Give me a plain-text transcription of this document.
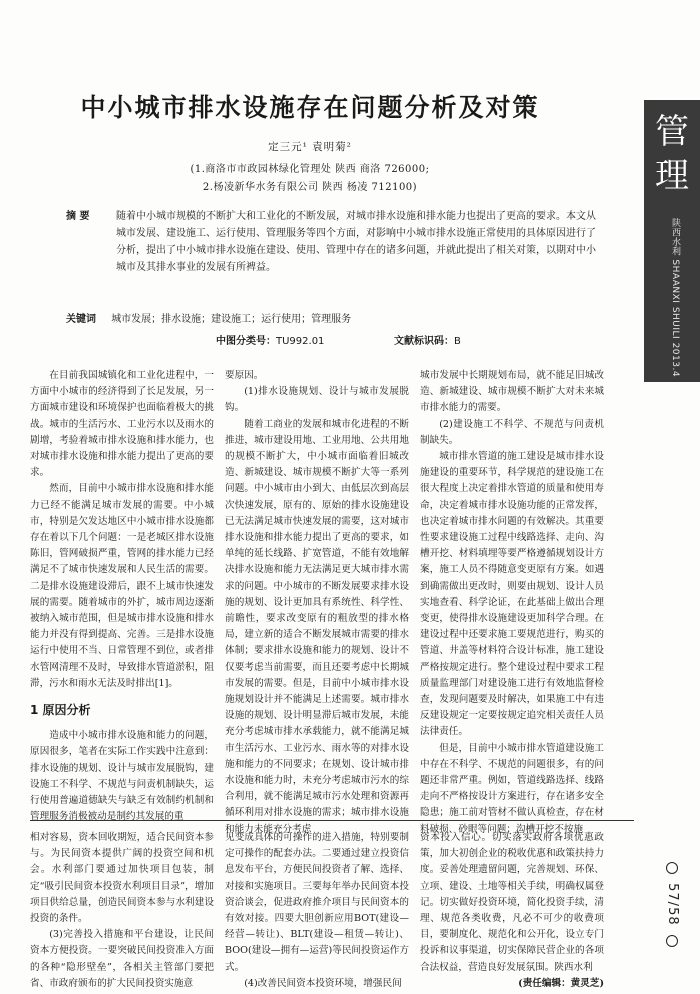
中小城市排水设施存在问题分析及对策
定三元¹ 袁明菊²
(1.商洛市市政园林绿化管理处 陕西 商洛 726000;
2.杨凌新华水务有限公司 陕西 杨凌 712100)
摘 要	随着中小城市规模的不断扩大和工业化的不断发展，对城市排水设施和排水能力也提出了更高的要求。本文从城市发展、建设施工、运行使用、管理服务等四个方面，对影响中小城市排水设施正常使用的具体原因进行了分析，提出了中小城市排水设施在建设、使用、管理中存在的诸多问题，并就此提出了相关对策，以期对中小城市及其排水事业的发展有所裨益。
关键词 城市发展；排水设施；建设施工；运行使用；管理服务
中图分类号：TU992.01	文献标识码：B

在目前我国城镇化和工业化进程中，一方面中小城市的经济得到了长足发展，另一方面城市建设和环境保护也面临着极大的挑战。城市的生活污水、工业污水以及雨水的剧增，考验着城市排水设施和排水能力，也对城市排水设施和排水能力提出了更高的要求。

然而，目前中小城市排水设施和排水能力已经不能满足城市发展的需要。中小城市，特别是欠发达地区中小城市排水设施都存在着以下几个问题：一是老城区排水设施陈旧，管网破损严重，管网的排水能力已经满足不了城市快速发展和人民生活的需要。二是排水设施建设滞后，跟不上城市快速发展的需要。随着城市的外扩，城市周边逐渐被纳入城市范围，但是城市排水设施和排水能力并没有得到提高、完善。三是排水设施运行中使用不当、日常管理不到位，或者排水管网清理不及时，导致排水管道淤积，阻滞，污水和雨水无法及时排出[1]。

1 原因分析

造成中小城市排水设施和能力的问题，原因很多，笔者在实际工作实践中注意到：排水设施的规划、设计与城市发展脱钩，建设施工不科学、不规范与问责机制缺失，运行使用普遍道德缺失与缺乏有效制约机制和管理服务消极被动是制约其发展的重

要原因。

(1)排水设施规划、设计与城市发展脱钩。

随着工商业的发展和城市化进程的不断推进，城市建设用地、工业用地、公共用地的规模不断扩大，中小城市面临着旧城改造、新城建设、城市规模不断扩大等一系列问题。中小城市由小到大、由低层次到高层次快速发展，原有的、原始的排水设施建设已无法满足城市快速发展的需要，这对城市排水设施和排水能力提出了更高的要求，如单纯的延长线路、扩宽管道，不能有效地解决排水设施和能力无法满足更大城市排水需求的问题。中小城市的不断发展要求排水设施的规划、设计更加具有系统性、科学性、前瞻性，要求改变原有的粗放型的排水格局，建立新的适合不断发展城市需要的排水体制；要求排水设施和能力的规划、设计不仅要考虑当前需要，而且还要考虑中长期城市发展的需要。但是，目前中小城市排水设施规划设计并不能满足上述需要。城市排水设施的规划、设计明显滞后城市发展，未能充分考虑城市排水承载能力，就不能满足城市生活污水、工业污水、雨水等的对排水设施和能力的不同要求；在规划、设计城市排水设施和能力时，未充分考虑城市污水的综合利用，就不能满足城市污水处理和资源再循环利用对排水设施的需求；城市排水设施和能力未能充分考虑

城市发展中长期规划布局，就不能足旧城改造、新城建设、城市规模不断扩大对未来城市排水能力的需要。

(2)建设施工不科学、不规范与问责机制缺失。

城市排水管道的施工建设是城市排水设施建设的重要环节，科学规范的建设施工在很大程度上决定着排水管道的质量和使用寿命，决定着城市排水设施功能的正常发挥，也决定着城市排水问题的有效解决。其重要性要求建设施工过程中线路选择、走向、沟槽开挖、材料填埋等要严格遵循规划设计方案，施工人员不得随意变更原有方案。如遇到确需做出更改时，则要由规划、设计人员实地查看、科学论证，在此基础上做出合理变更，使得排水设施建设更加科学合理。在建设过程中还要求施工要规范进行，购买的管道、井盖等材料符合设计标准，施工建设严格按规定进行。整个建设过程中要求工程质量监理部门对建设施工进行有效地监督检查，发现问题要及时解决，如果施工中有违反建设规定一定要按规定追究相关责任人员法律责任。

但是，目前中小城市排水管道建设施工中存在不科学、不规范的问题很多，有的问题还非常严重。例如，管道线路选择、线路走向不严格按设计方案进行，存在诸多安全隐患；施工前对管材不做认真检查，存在材料破损、砂眼等问题；沟槽开挖不按施

相对容易，资本回收期短，适合民间资本参与。为民间资本提供广阔的投资空间和机会。水利部门要通过加快项目包装，制定“吸引民间资本投资水利项目目录”，增加项目供给总量，创造民间资本参与水利建设投资的条件。

(3)完善投入措施和平台建设，让民间资本方便投资。一要突破民间投资准入方面的各种“隐形壁垒”，各相关主管部门要把省、市政府颁布的扩大民间投资实施意

见变成具体的可操作的进入措施，特别要制定可操作的配套办法。二要通过建立投资信息发布平台，方便民间投资者了解、选择、对接和实施项目。三要每年举办民间资本投资洽谈会，促进政府推介项目与民间资本的有效对接。四要大胆创新应用BOT(建设—经营—转让)、BLT(建设—租赁—转让)、BOO(建设—拥有—运营)等民间投资运作方式。

(4)改善民间资本投资环境，增强民间

资本投入信心。切实落实政府各项优惠政策，加大初创企业的税收优惠和政策扶持力度。妥善处理遗留问题，完善规划、环保、立项、建设、土地等相关手续，明确权属登记。切实做好投资环境，简化投资手续，清理、规范各类收费，凡必不可少的收费项目，要制度化、规范化和公开化，设立专门投诉和议事渠道，切实保障民营企业的各项合法权益，营造良好发展氛围。陕西水利

(责任编辑：黄灵芝)

管
理
陕西水利 SHAANXI SHUILI 2013.4
57/58
